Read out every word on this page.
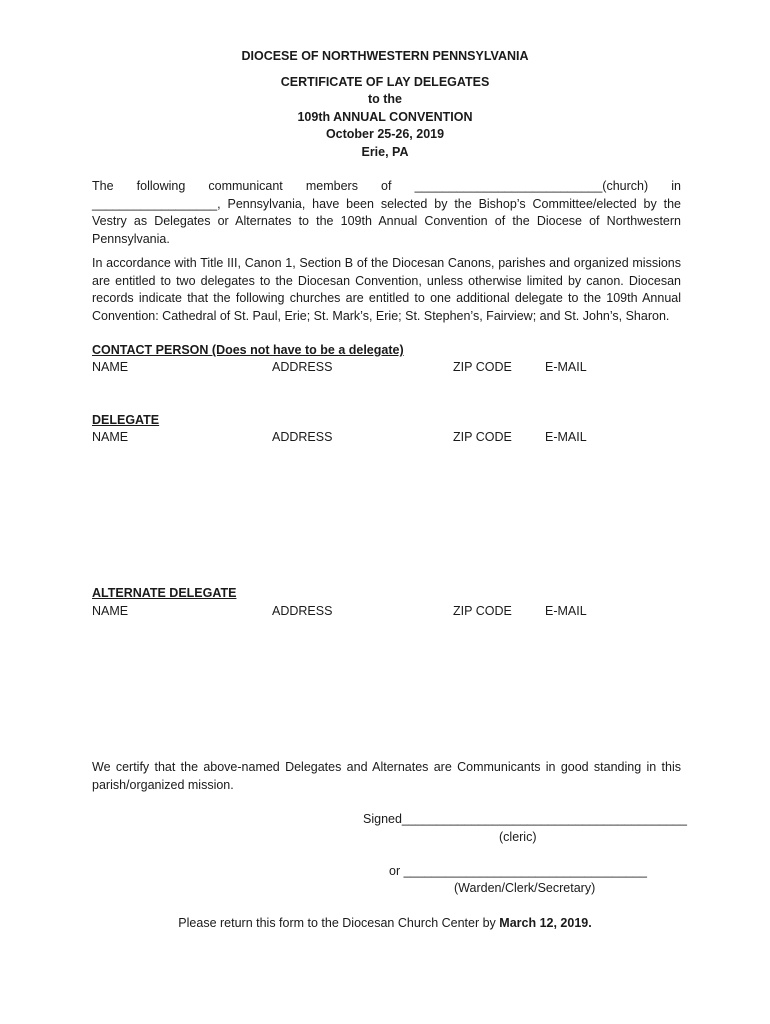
DIOCESE OF NORTHWESTERN PENNSYLVANIA
CERTIFICATE OF LAY DELEGATES
to the
109th ANNUAL CONVENTION
October 25-26, 2019
Erie, PA

The following communicant members of ___________________________(church) in

__________________, Pennsylvania, have been selected by the Bishop’s Committee/elected by the Vestry as Delegates or Alternates to the 109th Annual Convention of the Diocese of Northwestern Pennsylvania.

In accordance with Title III, Canon 1, Section B of the Diocesan Canons, parishes and organized missions are entitled to two delegates to the Diocesan Convention, unless otherwise limited by canon. Diocesan records indicate that the following churches are entitled to one additional delegate to the 109th Annual Convention: Cathedral of St. Paul, Erie; St. Mark’s, Erie; St. Stephen’s, Fairview; and St. John’s, Sharon.

CONTACT PERSON (Does not have to be a delegate)
NAME	ADDRESS	ZIP CODE	E-MAIL
DELEGATE
NAME	ADDRESS	ZIP CODE	E-MAIL
ALTERNATE DELEGATE
NAME	ADDRESS	ZIP CODE	E-MAIL

We certify that the above-named Delegates and Alternates are Communicants in good standing in this parish/organized mission.

Signed_________________________________________
(cleric)
or ___________________________________
(Warden/Clerk/Secretary)
Please return this form to the Diocesan Church Center by March 12, 2019.
